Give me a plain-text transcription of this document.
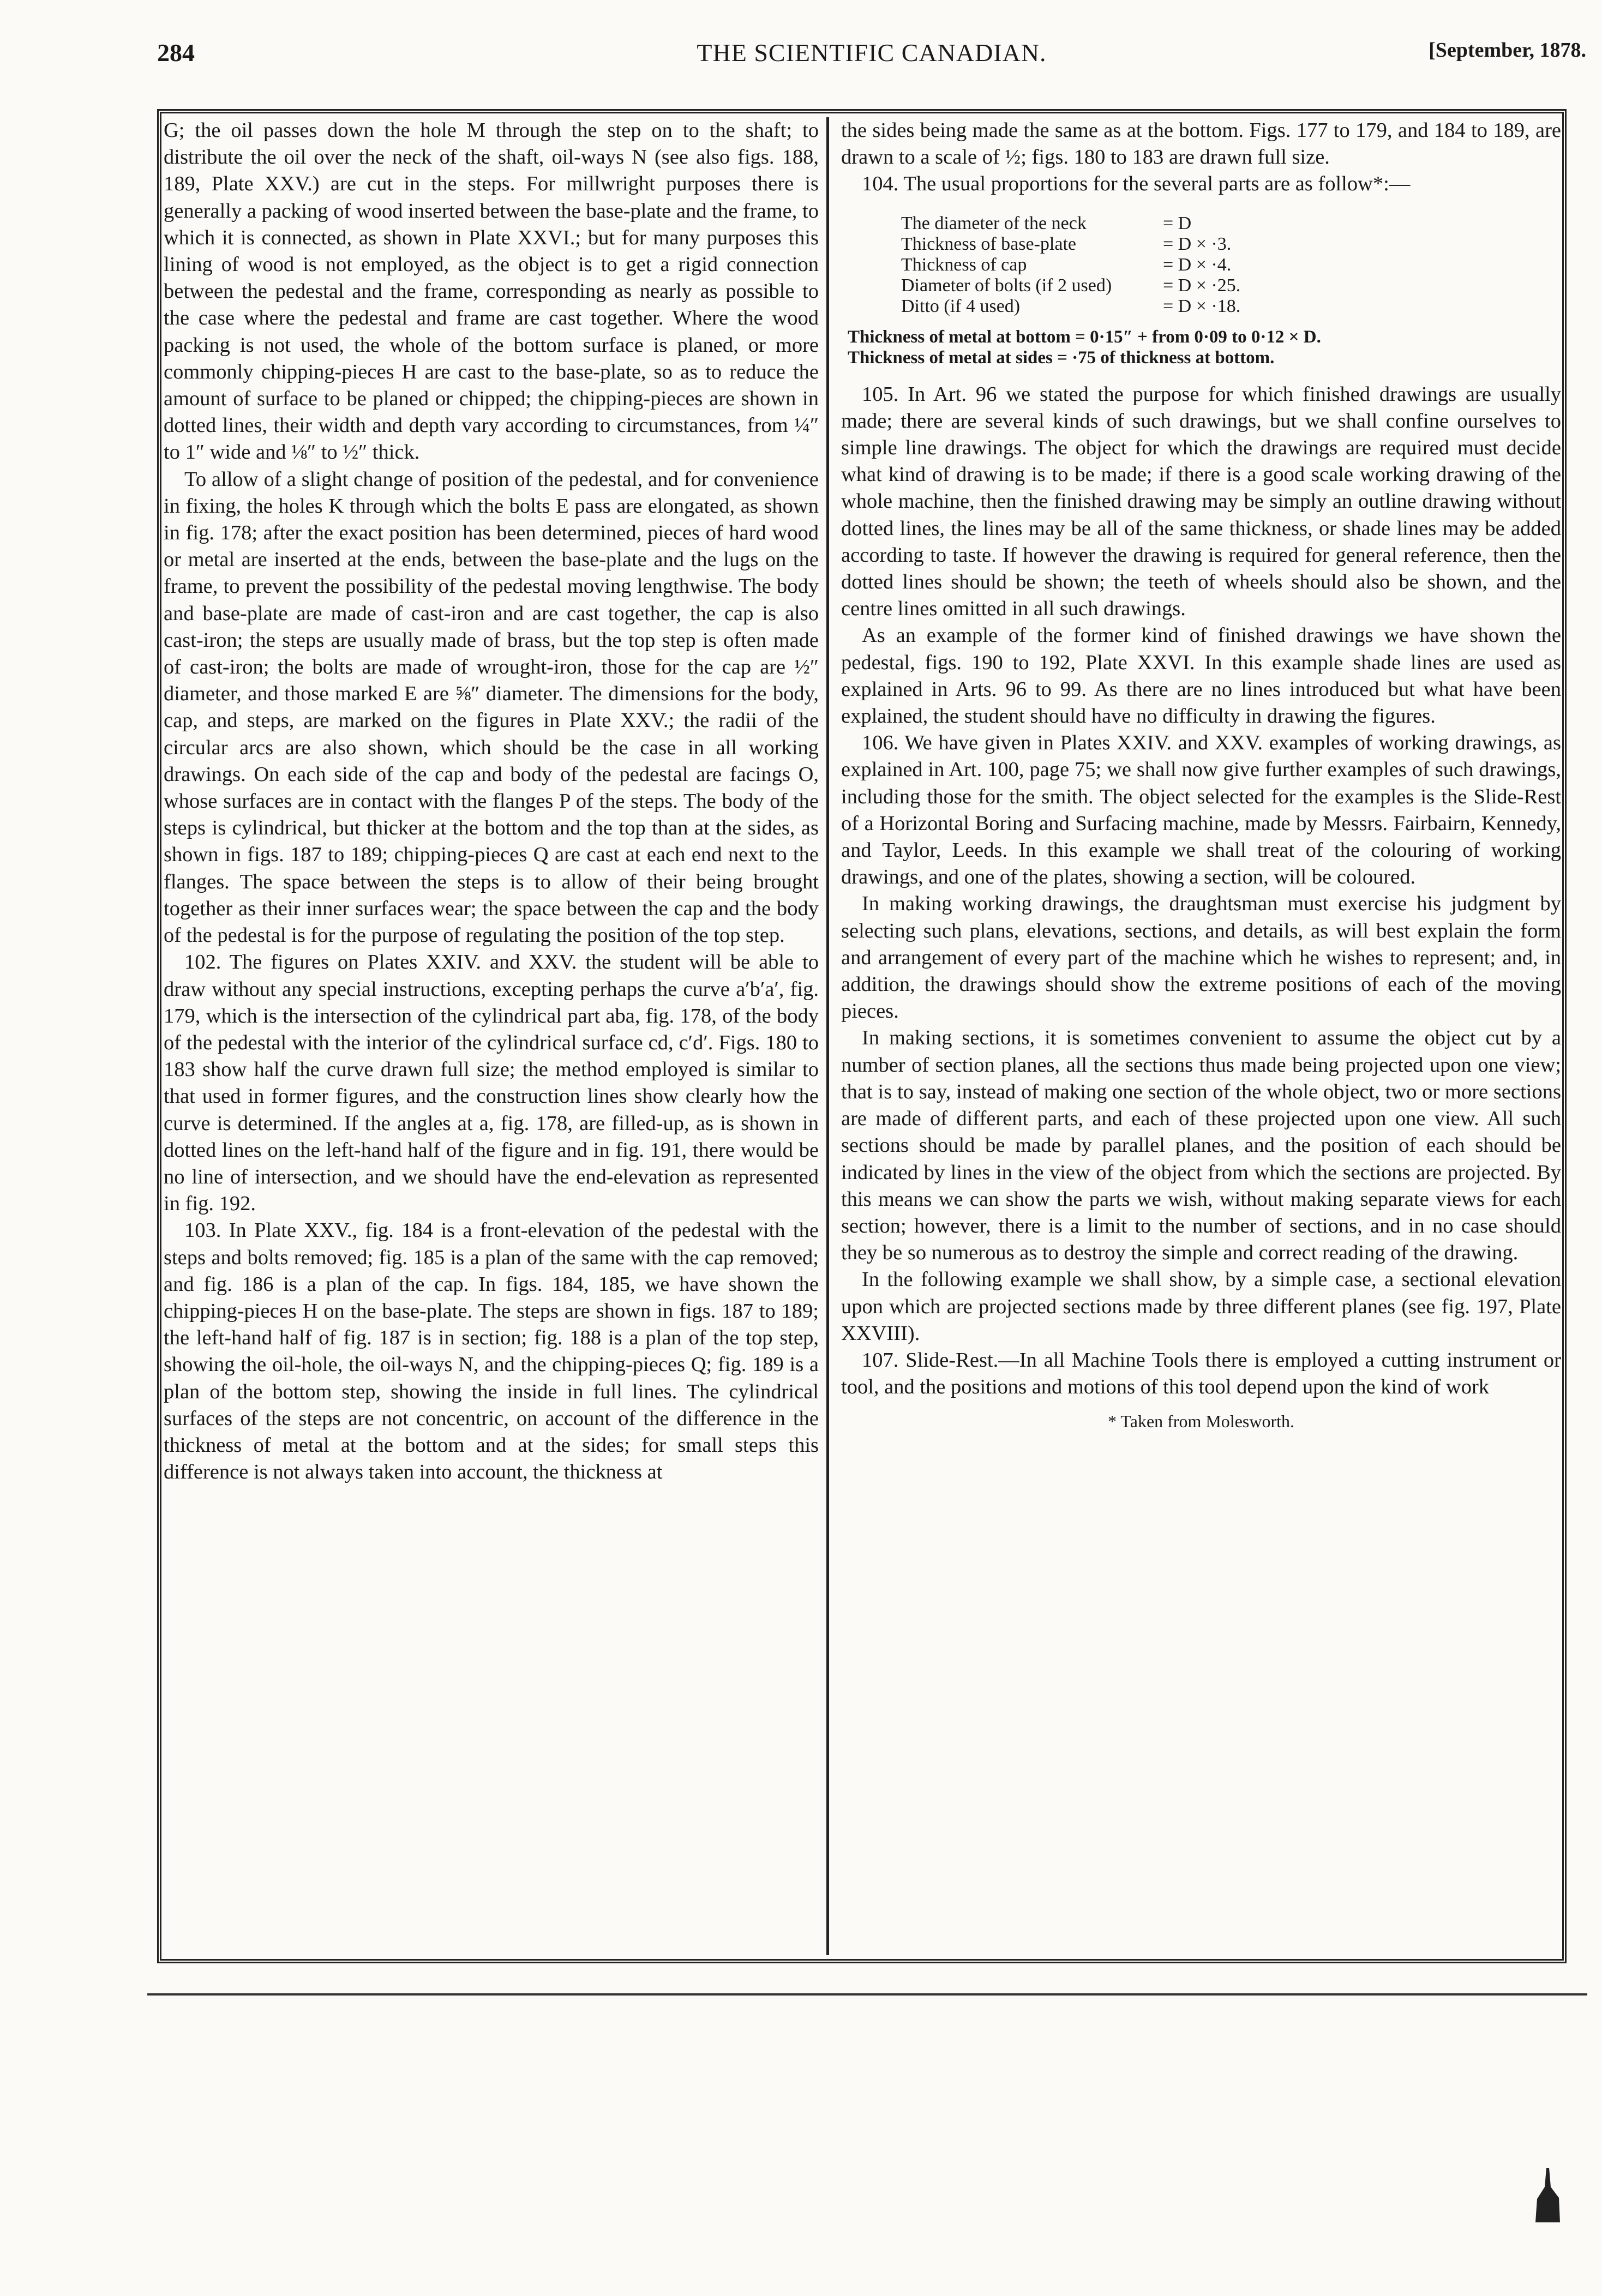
284	THE SCIENTIFIC CANADIAN.	[September, 1878.

G; the oil passes down the hole M through the step on to the shaft; to distribute the oil over the neck of the shaft, oil-ways N (see also figs. 188, 189, Plate XXV.) are cut in the steps. For millwright purposes there is generally a packing of wood inserted between the base-plate and the frame, to which it is connected, as shown in Plate XXVI.; but for many purposes this lining of wood is not employed, as the object is to get a rigid connection between the pedestal and the frame, corresponding as nearly as possible to the case where the pedestal and frame are cast together. Where the wood packing is not used, the whole of the bottom surface is planed, or more commonly chipping-pieces H are cast to the base-plate, so as to reduce the amount of surface to be planed or chipped; the chipping-pieces are shown in dotted lines, their width and depth vary according to circumstances, from ¼″ to 1″ wide and ⅛″ to ½″ thick.

To allow of a slight change of position of the pedestal, and for convenience in fixing, the holes K through which the bolts E pass are elongated, as shown in fig. 178; after the exact position has been determined, pieces of hard wood or metal are inserted at the ends, between the base-plate and the lugs on the frame, to prevent the possibility of the pedestal moving lengthwise. The body and base-plate are made of cast-iron and are cast together, the cap is also cast-iron; the steps are usually made of brass, but the top step is often made of cast-iron; the bolts are made of wrought-iron, those for the cap are ½″ diameter, and those marked E are ⅝″ diameter. The dimensions for the body, cap, and steps, are marked on the figures in Plate XXV.; the radii of the circular arcs are also shown, which should be the case in all working drawings. On each side of the cap and body of the pedestal are facings O, whose surfaces are in contact with the flanges P of the steps. The body of the steps is cylindrical, but thicker at the bottom and the top than at the sides, as shown in figs. 187 to 189; chipping-pieces Q are cast at each end next to the flanges. The space between the steps is to allow of their being brought together as their inner surfaces wear; the space between the cap and the body of the pedestal is for the purpose of regulating the position of the top step.

102. The figures on Plates XXIV. and XXV. the student will be able to draw without any special instructions, excepting perhaps the curve a′b′a′, fig. 179, which is the intersection of the cylindrical part aba, fig. 178, of the body of the pedestal with the interior of the cylindrical surface cd, c′d′. Figs. 180 to 183 show half the curve drawn full size; the method employed is similar to that used in former figures, and the construction lines show clearly how the curve is determined. If the angles at a, fig. 178, are filled-up, as is shown in dotted lines on the left-hand half of the figure and in fig. 191, there would be no line of intersection, and we should have the end-elevation as represented in fig. 192.

103. In Plate XXV., fig. 184 is a front-elevation of the pedestal with the steps and bolts removed; fig. 185 is a plan of the same with the cap removed; and fig. 186 is a plan of the cap. In figs. 184, 185, we have shown the chipping-pieces H on the base-plate. The steps are shown in figs. 187 to 189; the left-hand half of fig. 187 is in section; fig. 188 is a plan of the top step, showing the oil-hole, the oil-ways N, and the chipping-pieces Q; fig. 189 is a plan of the bottom step, showing the inside in full lines. The cylindrical surfaces of the steps are not concentric, on account of the difference in the thickness of metal at the bottom and at the sides; for small steps this difference is not always taken into account, the thickness at

the sides being made the same as at the bottom. Figs. 177 to 179, and 184 to 189, are drawn to a scale of ½; figs. 180 to 183 are drawn full size.

104. The usual proportions for the several parts are as follow*:—

The diameter of the neck	= D
Thickness of base-plate	= D × ·3.
Thickness of cap	= D × ·4.
Diameter of bolts (if 2 used)	= D × ·25.
Ditto (if 4 used)	= D × ·18.
Thickness of metal at bottom = 0·15″ + from 0·09 to 0·12 × D.
Thickness of metal at sides = ·75 of thickness at bottom.

105. In Art. 96 we stated the purpose for which finished drawings are usually made; there are several kinds of such drawings, but we shall confine ourselves to simple line drawings. The object for which the drawings are required must decide what kind of drawing is to be made; if there is a good scale working drawing of the whole machine, then the finished drawing may be simply an outline drawing without dotted lines, the lines may be all of the same thickness, or shade lines may be added according to taste. If however the drawing is required for general reference, then the dotted lines should be shown; the teeth of wheels should also be shown, and the centre lines omitted in all such drawings.

As an example of the former kind of finished drawings we have shown the pedestal, figs. 190 to 192, Plate XXVI. In this example shade lines are used as explained in Arts. 96 to 99. As there are no lines introduced but what have been explained, the student should have no difficulty in drawing the figures.

106. We have given in Plates XXIV. and XXV. examples of working drawings, as explained in Art. 100, page 75; we shall now give further examples of such drawings, including those for the smith. The object selected for the examples is the Slide-Rest of a Horizontal Boring and Surfacing machine, made by Messrs. Fairbairn, Kennedy, and Taylor, Leeds. In this example we shall treat of the colouring of working drawings, and one of the plates, showing a section, will be coloured.

In making working drawings, the draughtsman must exercise his judgment by selecting such plans, elevations, sections, and details, as will best explain the form and arrangement of every part of the machine which he wishes to represent; and, in addition, the drawings should show the extreme positions of each of the moving pieces.

In making sections, it is sometimes convenient to assume the object cut by a number of section planes, all the sections thus made being projected upon one view; that is to say, instead of making one section of the whole object, two or more sections are made of different parts, and each of these projected upon one view. All such sections should be made by parallel planes, and the position of each should be indicated by lines in the view of the object from which the sections are projected. By this means we can show the parts we wish, without making separate views for each section; however, there is a limit to the number of sections, and in no case should they be so numerous as to destroy the simple and correct reading of the drawing.

In the following example we shall show, by a simple case, a sectional elevation upon which are projected sections made by three different planes (see fig. 197, Plate XXVIII).

107. Slide-Rest.—In all Machine Tools there is employed a cutting instrument or tool, and the positions and motions of this tool depend upon the kind of work

* Taken from Molesworth.
